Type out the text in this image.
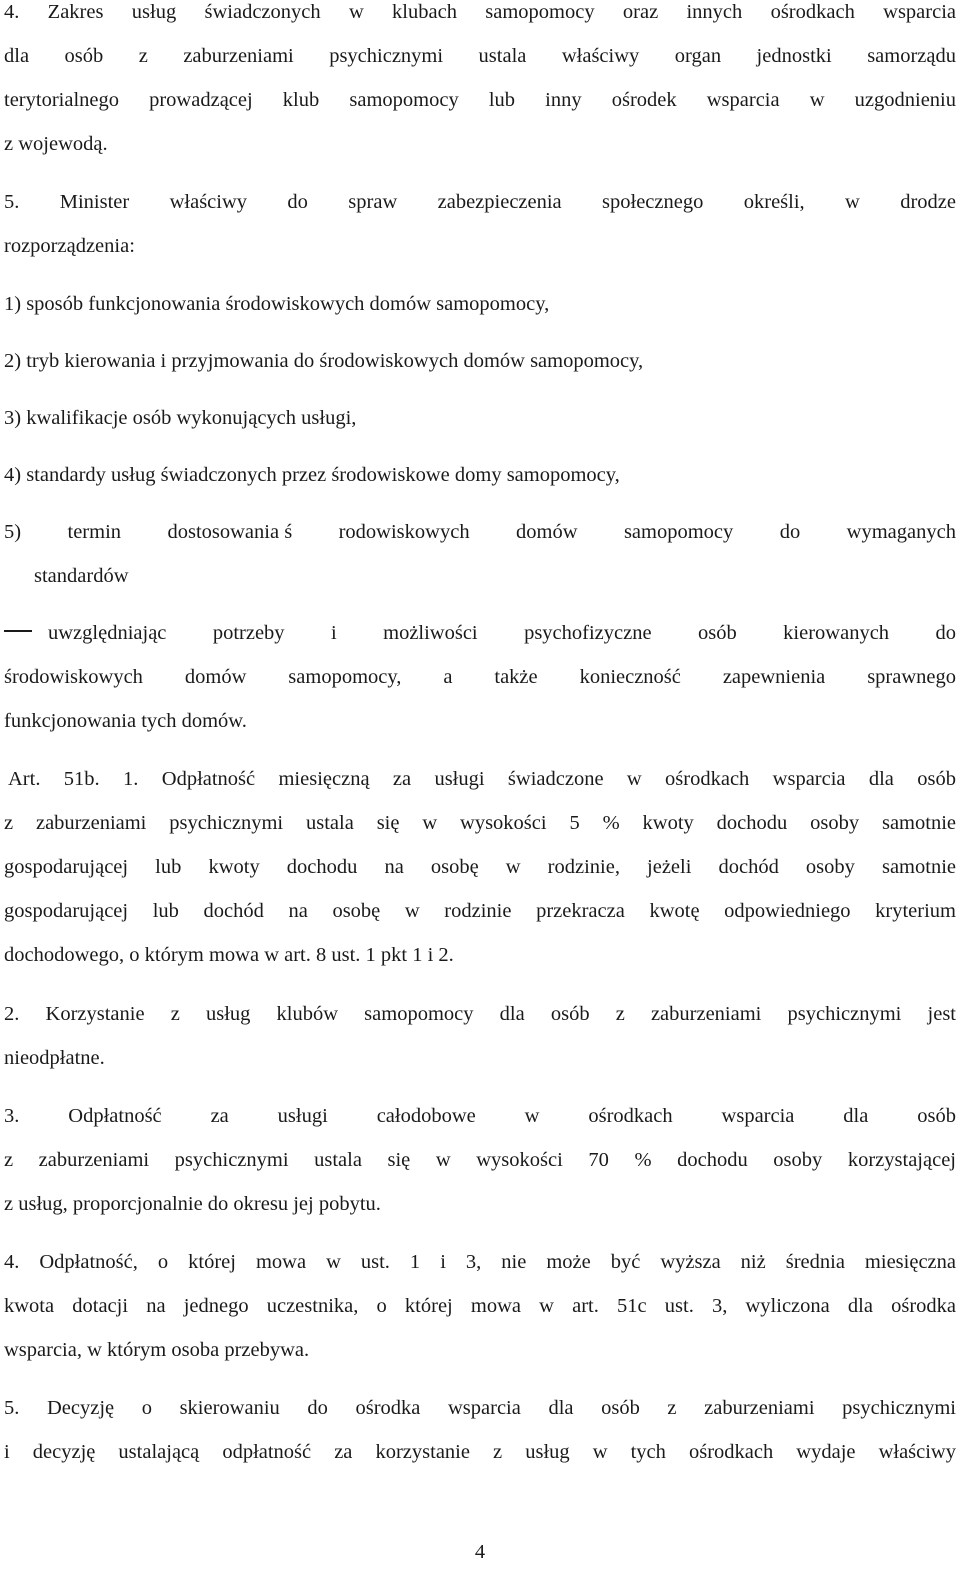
4. Zakres usług świadczonych w klubach samopomocy oraz innych ośrodkach wsparcia
dla osób z zaburzeniami psychicznymi ustala właściwy organ jednostki samorządu
terytorialnego prowadzącej klub samopomocy lub inny ośrodek wsparcia w uzgodnieniu
z wojewodą.
5. Minister właściwy do spraw zabezpieczenia społecznego określi, w drodze
rozporządzenia:
1) sposób funkcjonowania środowiskowych domów samopomocy,
2) tryb kierowania i przyjmowania do środowiskowych domów samopomocy,
3) kwalifikacje osób wykonujących usługi,
4) standardy usług świadczonych przez środowiskowe domy samopomocy,
5) termin dostosowania ś rodowiskowych domów samopomocy do wymaganych
standardów
uwzględniając potrzeby i możliwości psychofizyczne osób kierowanych do
środowiskowych domów samopomocy, a także konieczność zapewnienia sprawnego
funkcjonowania tych domów.
Art. 51b. 1. Odpłatność miesięczną za usługi świadczone w ośrodkach wsparcia dla osób
z zaburzeniami psychicznymi ustala się w wysokości 5 % kwoty dochodu osoby samotnie
gospodarującej lub kwoty dochodu na osobę w rodzinie, jeżeli dochód osoby samotnie
gospodarującej lub dochód na osobę w rodzinie przekracza kwotę odpowiedniego kryterium
dochodowego, o którym mowa w art. 8 ust. 1 pkt 1 i 2.
2. Korzystanie z usług klubów samopomocy dla osób z zaburzeniami psychicznymi jest
nieodpłatne.
3. Odpłatność za usługi całodobowe w ośrodkach wsparcia dla osób
z zaburzeniami psychicznymi ustala się w wysokości 70 % dochodu osoby korzystającej
z usług, proporcjonalnie do okresu jej pobytu.
4. Odpłatność, o której mowa w ust. 1 i 3, nie może być wyższa niż średnia miesięczna
kwota dotacji na jednego uczestnika, o której mowa w art. 51c ust. 3, wyliczona dla ośrodka
wsparcia, w którym osoba przebywa.
5. Decyzję o skierowaniu do ośrodka wsparcia dla osób z zaburzeniami psychicznymi
i decyzję ustalającą odpłatność za korzystanie z usług w tych ośrodkach wydaje właściwy
4
